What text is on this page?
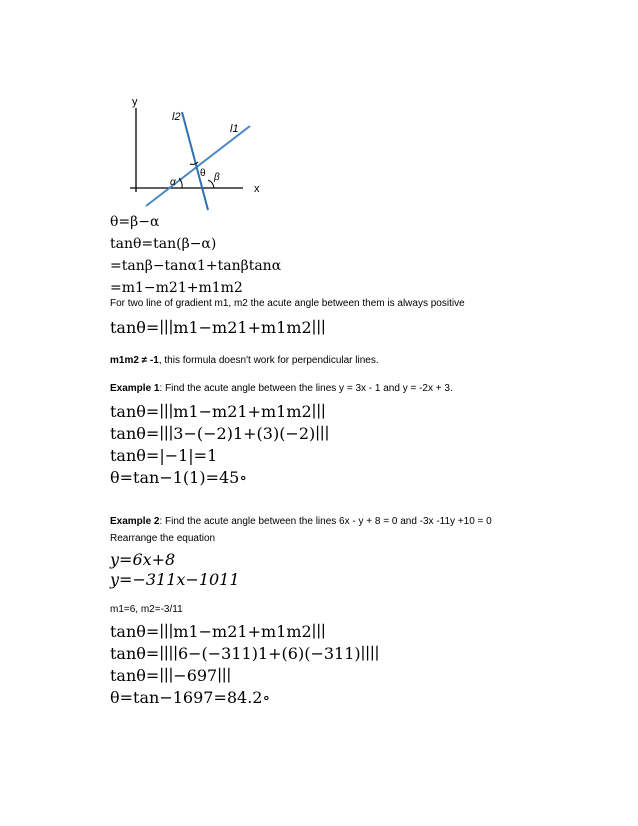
y
x
l2
l1
θ
α	β
θ=β−α
tanθ=tan(β−α)
=tanβ−tanα1+tanβtanα
=m1−m21+m1m2
For two line of gradient m1, m2 the acute angle between them is always positive
tanθ=∣∣∣m1−m21+m1m2∣∣∣
m1m2 ≠ -1, this formula doesn't work for perpendicular lines.
Example 1: Find the acute angle between the lines y = 3x - 1 and y = -2x + 3.
tanθ=∣∣∣m1−m21+m1m2∣∣∣
tanθ=∣∣∣3−(−2)1+(3)(−2)∣∣∣
tanθ=|−1|=1
θ=tan−1(1)=45∘
Example 2: Find the acute angle between the lines 6x - y + 8 = 0 and -3x -11y +10 = 0
Rearrange the equation
y=6x+8
y=−311x−1011
m1=6, m2=-3/11
tanθ=∣∣∣m1−m21+m1m2∣∣∣
tanθ=∣∣∣∣6−(−311)1+(6)(−311)∣∣∣∣
tanθ=∣∣∣−697∣∣∣
θ=tan−1697=84.2∘
